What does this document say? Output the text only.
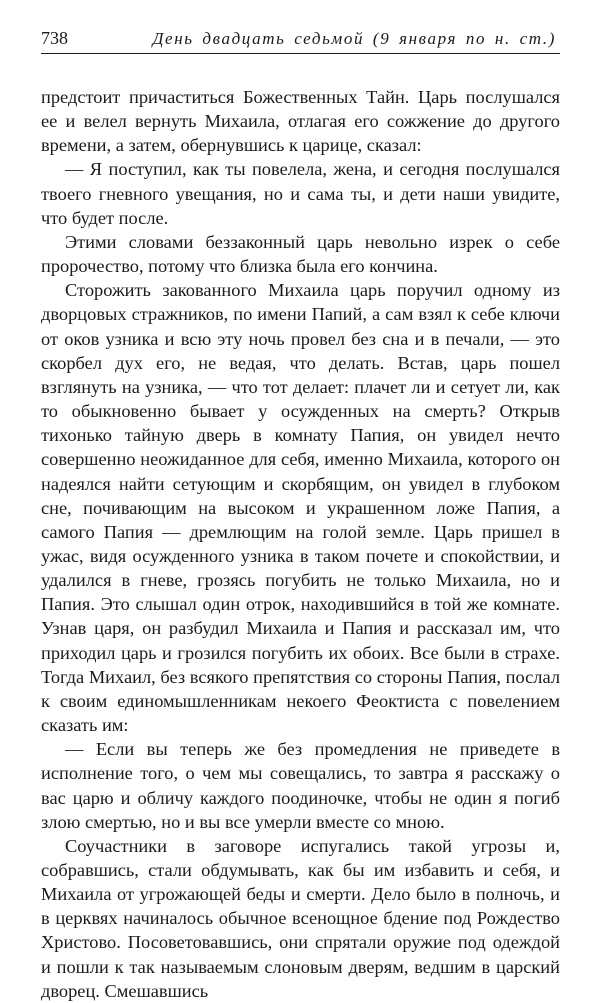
738	День двадцать седьмой (9 января по н. ст.)

предстоит причаститься Божественных Тайн. Царь послушался ее и велел вернуть Михаила, отлагая его сожжение до другого времени, а затем, обернувшись к царице, сказал:

— Я поступил, как ты повелела, жена, и сегодня послушался твоего гневного увещания, но и сама ты, и дети наши увидите, что будет после.

Этими словами беззаконный царь невольно изрек о себе пророчество, потому что близка была его кончина.

Сторожить закованного Михаила царь поручил одному из дворцовых стражников, по имени Папий, а сам взял к себе ключи от оков узника и всю эту ночь провел без сна и в печали, — это скорбел дух его, не ведая, что делать. Встав, царь пошел взглянуть на узника, — что тот делает: плачет ли и сетует ли, как то обыкновенно бывает у осужденных на смерть? Открыв тихонько тайную дверь в комнату Папия, он увидел нечто совершенно неожиданное для себя, именно Михаила, которого он надеялся найти сетующим и скорбящим, он увидел в глубоком сне, почивающим на высоком и украшенном ложе Папия, а самого Папия — дремлющим на голой земле. Царь пришел в ужас, видя осужденного узника в таком почете и спокойствии, и удалился в гневе, грозясь погубить не только Михаила, но и Папия. Это слышал один отрок, находившийся в той же комнате. Узнав царя, он разбудил Михаила и Папия и рассказал им, что приходил царь и грозился погубить их обоих. Все были в страхе. Тогда Михаил, без всякого препятствия со стороны Папия, послал к своим единомышленникам некоего Феоктиста с повелением сказать им:

— Если вы теперь же без промедления не приведете в исполнение того, о чем мы совещались, то завтра я расскажу о вас царю и обличу каждого поодиночке, чтобы не один я погиб злою смертью, но и вы все умерли вместе со мною.

Соучастники в заговоре испугались такой угрозы и, собравшись, стали обдумывать, как бы им избавить и себя, и Михаила от угрожающей беды и смерти. Дело было в полночь, и в церквях начиналось обычное всенощное бдение под Рождество Христово. Посоветовавшись, они спрятали оружие под одеждой и пошли к так называемым слоновым дверям, ведшим в царский дворец. Смешавшись
